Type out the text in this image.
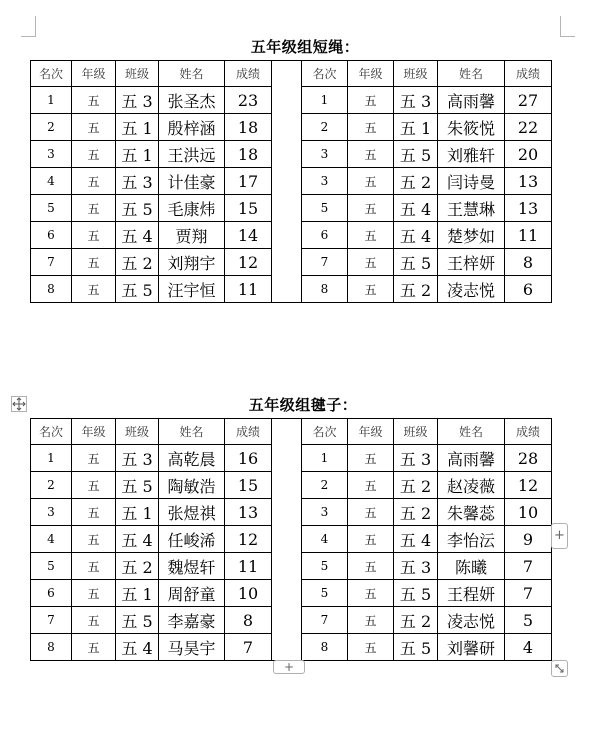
五年级组短绳：
名次	年级	班级	姓名	成绩		名次	年级	班级	姓名	成绩
1	五	五 3	张圣杰	23		1	五	五 3	高雨馨	27
2	五	五 1	殷梓涵	18		2	五	五 1	朱筱悦	22
3	五	五 1	王洪远	18		3	五	五 5	刘雅轩	20
4	五	五 3	计佳豪	17		3	五	五 2	闫诗曼	13
5	五	五 5	毛康炜	15		5	五	五 4	王慧琳	13
6	五	五 4	贾翔	14		6	五	五 4	楚梦如	11
7	五	五 2	刘翔宇	12		7	五	五 5	王梓妍	8
8	五	五 5	汪宇恒	11		8	五	五 2	凌志悦	6
五年级组毽子：
名次	年级	班级	姓名	成绩		名次	年级	班级	姓名	成绩
1	五	五 3	高乾晨	16		1	五	五 3	高雨馨	28
2	五	五 5	陶敏浩	15		2	五	五 2	赵凌薇	12
3	五	五 1	张煜祺	13		3	五	五 2	朱馨蕊	10
4	五	五 4	任峻浠	12		4	五	五 4	李怡沄	9
5	五	五 2	魏煜轩	11		5	五	五 3	陈曦	7
6	五	五 1	周舒童	10		5	五	五 5	王程妍	7
7	五	五 5	李嘉豪	8		7	五	五 2	凌志悦	5
8	五	五 4	马昊宇	7		8	五	五 5	刘馨研	4
+
+
